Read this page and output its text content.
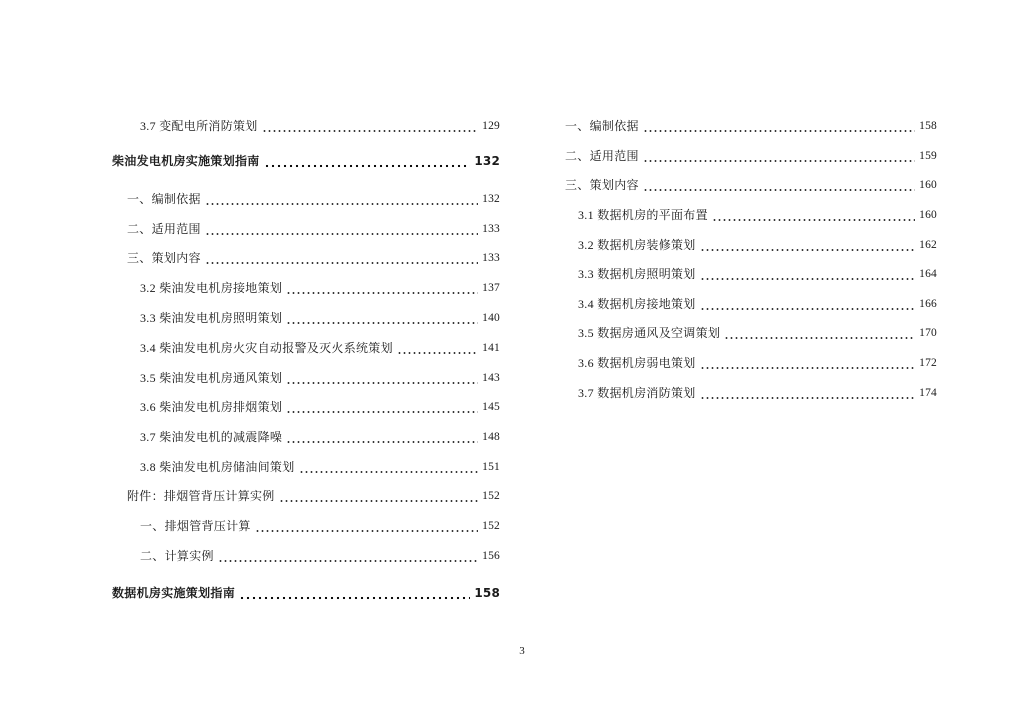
3.7 变配电所消防策划	129
柴油发电机房实施策划指南	132
一、编制依据	132
二、适用范围	133
三、策划内容	133
3.2 柴油发电机房接地策划	137
3.3 柴油发电机房照明策划	140
3.4 柴油发电机房火灾自动报警及灭火系统策划	141
3.5 柴油发电机房通风策划	143
3.6 柴油发电机房排烟策划	145
3.7 柴油发电机的减震降噪	148
3.8 柴油发电机房储油间策划	151
附件：排烟管背压计算实例	152
一、排烟管背压计算	152
二、计算实例	156
数据机房实施策划指南	158
一、编制依据	158
二、适用范围	159
三、策划内容	160
3.1 数据机房的平面布置	160
3.2 数据机房装修策划	162
3.3 数据机房照明策划	164
3.4 数据机房接地策划	166
3.5 数据房通风及空调策划	170
3.6 数据机房弱电策划	172
3.7 数据机房消防策划	174
3
